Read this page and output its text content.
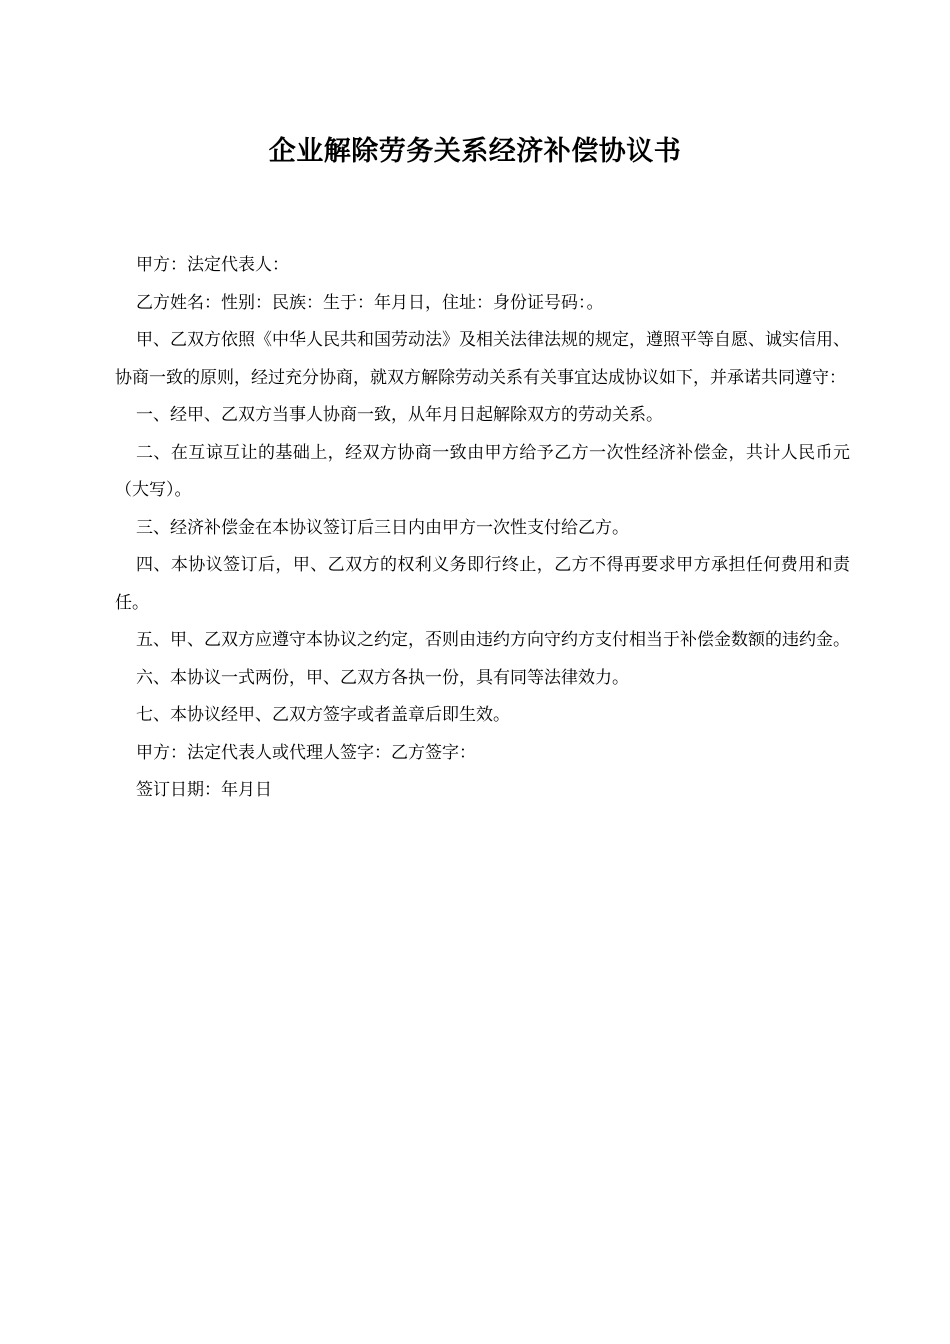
企业解除劳务关系经济补偿协议书

甲方：法定代表人：

乙方姓名：性别：民族：生于：年月日，住址：身份证号码：。

甲、乙双方依照《中华人民共和国劳动法》及相关法律法规的规定，遵照平等自愿、诚实信用、协商一致的原则，经过充分协商，就双方解除劳动关系有关事宜达成协议如下，并承诺共同遵守：

一、经甲、乙双方当事人协商一致，从年月日起解除双方的劳动关系。

二、在互谅互让的基础上，经双方协商一致由甲方给予乙方一次性经济补偿金，共计人民币元（大写）。

三、经济补偿金在本协议签订后三日内由甲方一次性支付给乙方。

四、本协议签订后，甲、乙双方的权利义务即行终止，乙方不得再要求甲方承担任何费用和责任。

五、甲、乙双方应遵守本协议之约定，否则由违约方向守约方支付相当于补偿金数额的违约金。

六、本协议一式两份，甲、乙双方各执一份，具有同等法律效力。

七、本协议经甲、乙双方签字或者盖章后即生效。

甲方：法定代表人或代理人签字：乙方签字：

签订日期：年月日
